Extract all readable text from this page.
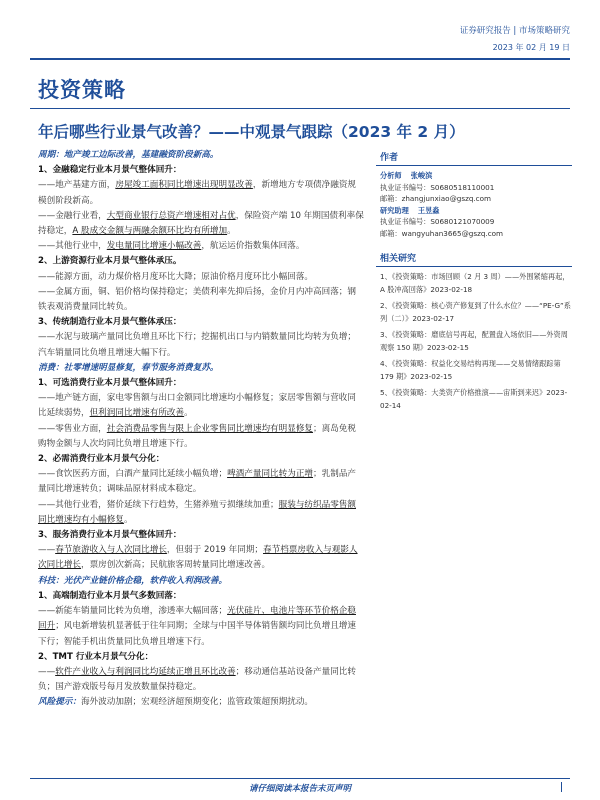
证券研究报告 | 市场策略研究
2023 年 02 月 19 日
投资策略
年后哪些行业景气改善？——中观景气跟踪（2023 年 2 月）

周期：地产竣工边际改善，基建融资阶段新高。

1、金融稳定行业本月景气整体回升：

——地产基建方面，房屋竣工面积同比增速出现明显改善，新增地方专项债净融资规模创阶段新高。

——金融行业看，大型商业银行总资产增速相对占优，保险资产端 10 年期国债利率保持稳定，A 股成交金额与两融余额环比均有所增加。

——其他行业中，发电量同比增速小幅改善，航运运价指数集体回落。

2、上游资源行业本月景气整体承压。

——能源方面，动力煤价格月度环比大降；原油价格月度环比小幅回落。

——金属方面，铜、铝价格均保持稳定；美债利率先抑后扬，金价月内冲高回落；钢铁表观消费量同比转负。

3、传统制造行业本月景气整体承压：

——水泥与玻璃产量同比负增且环比下行；挖掘机出口与内销数量同比均转为负增；汽车销量同比负增且增速大幅下行。

消费：社零增速明显修复，春节服务消费复苏。

1、可选消费行业本月景气整体回升：

——地产链方面，家电零售额与出口金额同比增速均小幅修复；家居零售额与营收同比延续弱势，但利润同比增速有所改善。

——零售业方面，社会消费品零售与限上企业零售同比增速均有明显修复；离岛免税购物金额与人次均同比负增且增速下行。

2、必需消费行业本月景气分化：

——食饮医药方面，白酒产量同比延续小幅负增；啤酒产量同比转为正增；乳制品产量同比增速转负；调味品原材料成本稳定。

——其他行业看，猪价延续下行趋势，生猪养殖亏损继续加重；服装与纺织品零售额同比增速均有小幅修复。

3、服务消费行业本月景气整体回升：

——春节旅游收入与人次同比增长，但弱于 2019 年同期；春节档票房收入与观影人次同比增长，票房创次新高；民航旅客周转量同比增速改善。

科技：光伏产业链价格企稳，软件收入利润改善。

1、高端制造行业本月景气多数回落：

——新能车销量同比转为负增，渗透率大幅回落；光伏硅片、电池片等环节价格企稳回升；风电新增装机显著低于往年同期；全球与中国半导体销售额均同比负增且增速下行；智能手机出货量同比负增且增速下行。

2、TMT 行业本月景气分化：

——软件产业收入与利润同比均延续正增且环比改善；移动通信基站设备产量同比转负；国产游戏版号每月发放数量保持稳定。

风险提示：海外波动加剧；宏观经济超预期变化；监管政策超预期扰动。

作者
分析师 张峻滨
执业证书编号：S0680518110001
邮箱：zhangjunxiao@gszq.com
研究助理 王昱淼
执业证书编号：S0680121070009
邮箱：wangyuhan3665@gszq.com
相关研究

1、《投资策略：市场回顾（2 月 3 周）——外围紧缩再起，A 股冲高回落》2023-02-18

2、《投资策略：核心资产修复到了什么水位？——“PE-G”系列（二）》2023-02-17

3、《投资策略：磨底信号再起，配置盘入场依旧——外资周观察 150 期》2023-02-15

4、《投资策略：权益化交易结构再现——交易情绪跟踪第 179 期》2023-02-15

5、《投资策略：大类资产价格推演——宙斯到来迟》2023-02-14

请仔细阅读本报告末页声明
